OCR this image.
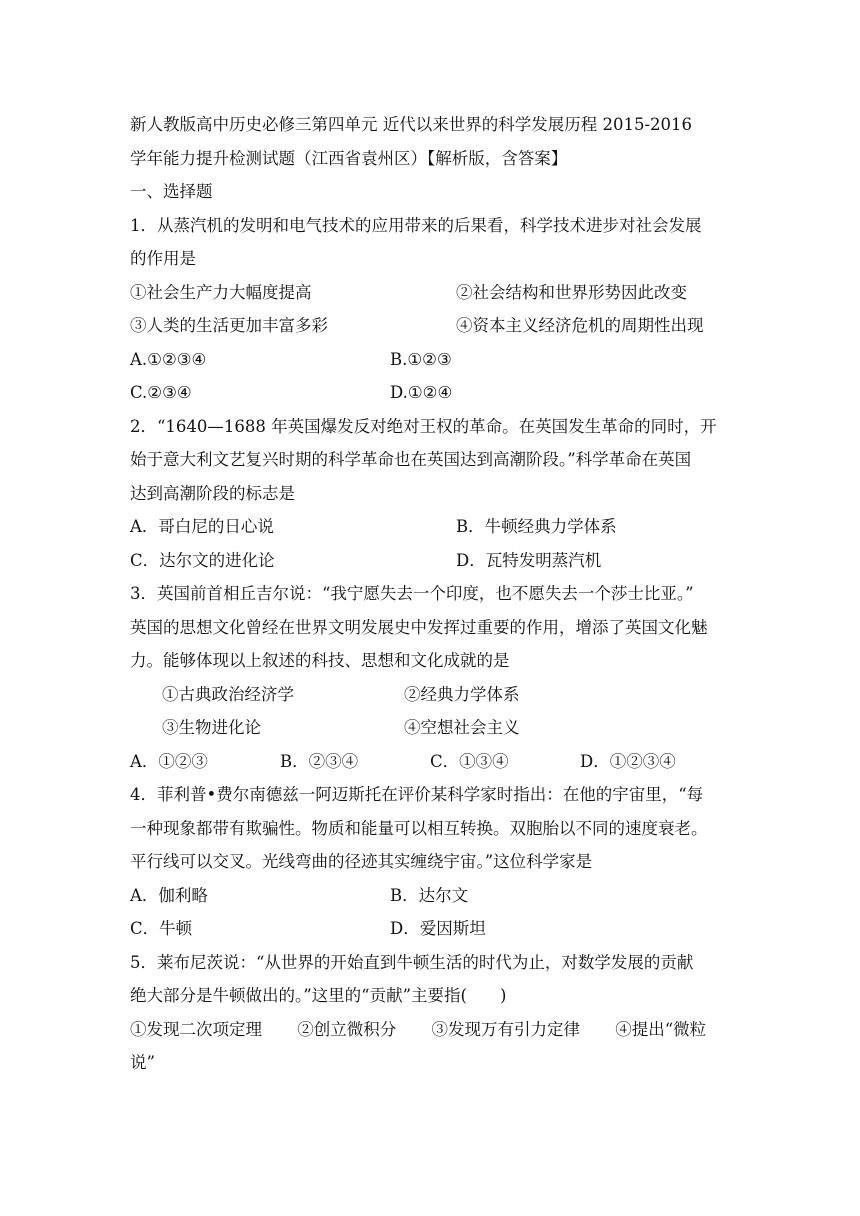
新人教版高中历史必修三第四单元 近代以来世界的科学发展历程 2015-2016
学年能力提升检测试题（江西省袁州区）【解析版，含答案】
一、选择题
1．从蒸汽机的发明和电气技术的应用带来的后果看，科学技术进步对社会发展
的作用是
①社会生产力大幅度提高	②社会结构和世界形势因此改变
③人类的生活更加丰富多彩	④资本主义经济危机的周期性出现
A.①②③④	B.①②③
C.②③④	D.①②④
2．“1640—1688 年英国爆发反对绝对王权的革命。在英国发生革命的同时，开
始于意大利文艺复兴时期的科学革命也在英国达到高潮阶段。”科学革命在英国
达到高潮阶段的标志是
A．哥白尼的日心说	B．牛顿经典力学体系
C．达尔文的进化论	D．瓦特发明蒸汽机
3．英国前首相丘吉尔说：“我宁愿失去一个印度，也不愿失去一个莎士比亚。”
英国的思想文化曾经在世界文明发展史中发挥过重要的作用，增添了英国文化魅
力。能够体现以上叙述的科技、思想和文化成就的是
①古典政治经济学	②经典力学体系
③生物进化论	④空想社会主义
A．①②③	B．②③④	C．①③④	D．①②③④
4．菲利普•费尔南德兹一阿迈斯托在评价某科学家时指出：在他的宇宙里，“每
一种现象都带有欺骗性。物质和能量可以相互转换。双胞胎以不同的速度衰老。
平行线可以交叉。光线弯曲的径迹其实缠绕宇宙。”这位科学家是
A．伽利略	B．达尔文
C．牛顿	D．爱因斯坦
5．莱布尼茨说：“从世界的开始直到牛顿生活的时代为止，对数学发展的贡献
绝大部分是牛顿做出的。”这里的“贡献”主要指(　　)
①发现二次项定理 ②创立微积分 ③发现万有引力定律 ④提出“微粒
说”
